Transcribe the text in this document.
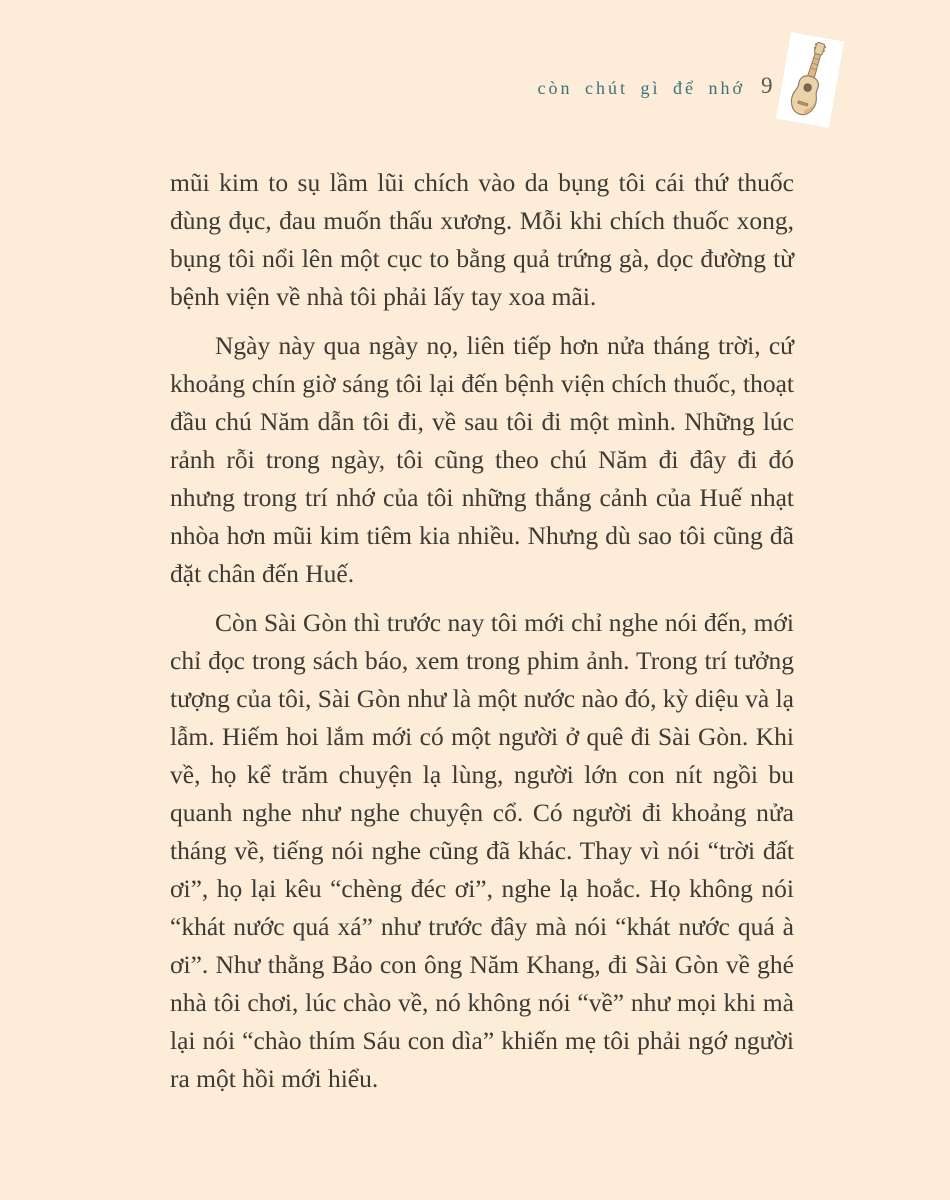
còn chút gì để nhớ 9

mũi kim to sụ lầm lũi chích vào da bụng tôi cái thứ thuốc đùng đục, đau muốn thấu xương. Mỗi khi chích thuốc xong, bụng tôi nổi lên một cục to bằng quả trứng gà, dọc đường từ bệnh viện về nhà tôi phải lấy tay xoa mãi.

Ngày này qua ngày nọ, liên tiếp hơn nửa tháng trời, cứ khoảng chín giờ sáng tôi lại đến bệnh viện chích thuốc, thoạt đầu chú Năm dẫn tôi đi, về sau tôi đi một mình. Những lúc rảnh rỗi trong ngày, tôi cũng theo chú Năm đi đây đi đó nhưng trong trí nhớ của tôi những thắng cảnh của Huế nhạt nhòa hơn mũi kim tiêm kia nhiều. Nhưng dù sao tôi cũng đã đặt chân đến Huế.

Còn Sài Gòn thì trước nay tôi mới chỉ nghe nói đến, mới chỉ đọc trong sách báo, xem trong phim ảnh. Trong trí tưởng tượng của tôi, Sài Gòn như là một nước nào đó, kỳ diệu và lạ lẫm. Hiếm hoi lắm mới có một người ở quê đi Sài Gòn. Khi về, họ kể trăm chuyện lạ lùng, người lớn con nít ngồi bu quanh nghe như nghe chuyện cổ. Có người đi khoảng nửa tháng về, tiếng nói nghe cũng đã khác. Thay vì nói “trời đất ơi”, họ lại kêu “chèng đéc ơi”, nghe lạ hoắc. Họ không nói “khát nước quá xá” như trước đây mà nói “khát nước quá à ơi”. Như thằng Bảo con ông Năm Khang, đi Sài Gòn về ghé nhà tôi chơi, lúc chào về, nó không nói “về” như mọi khi mà lại nói “chào thím Sáu con dìa” khiến mẹ tôi phải ngớ người ra một hồi mới hiểu.
